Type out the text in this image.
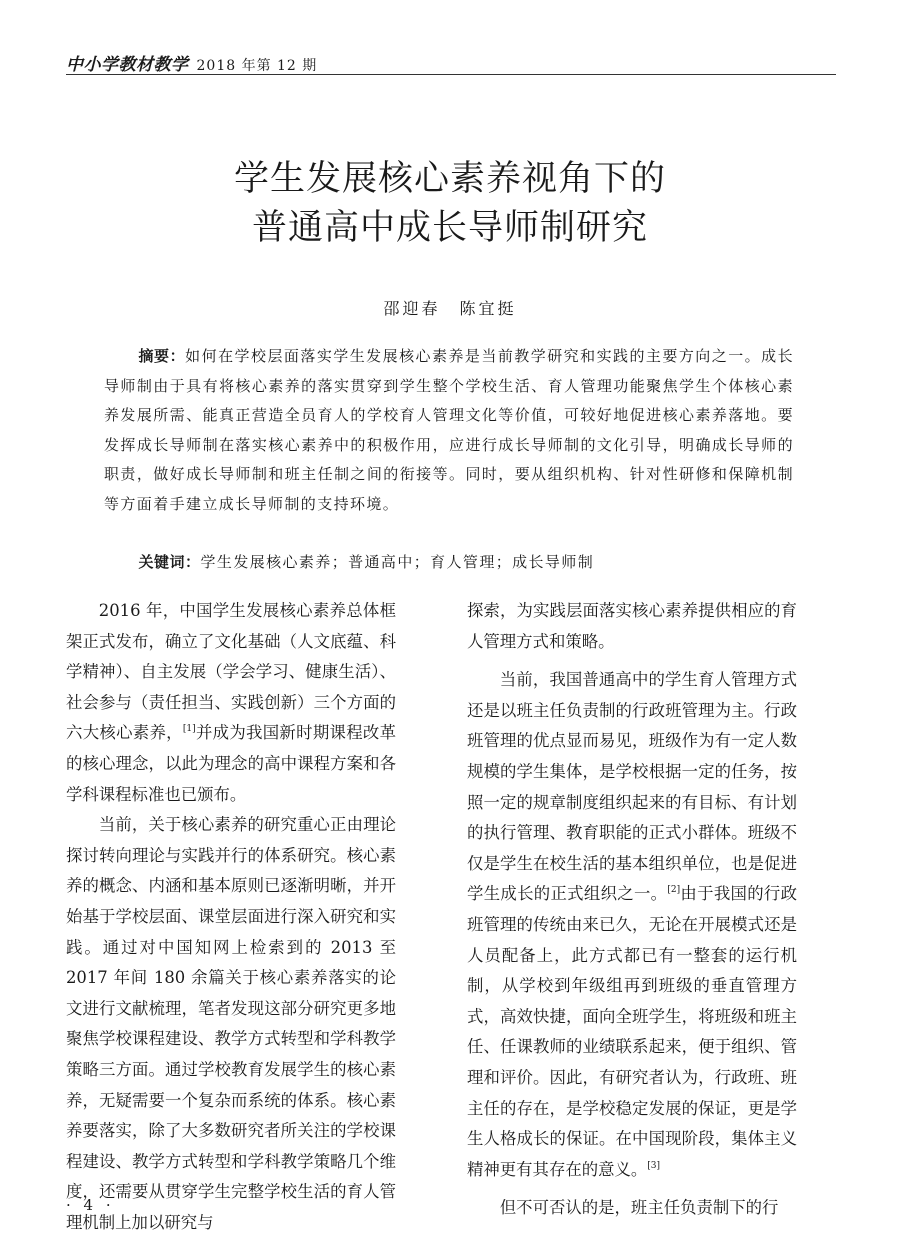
中小学教材教学 2018 年第 12 期
学生发展核心素养视角下的
普通高中成长导师制研究
邵迎春　陈宜挺

摘要：如何在学校层面落实学生发展核心素养是当前教学研究和实践的主要方向之一。成长导师制由于具有将核心素养的落实贯穿到学生整个学校生活、育人管理功能聚焦学生个体核心素养发展所需、能真正营造全员育人的学校育人管理文化等价值，可较好地促进核心素养落地。要发挥成长导师制在落实核心素养中的积极作用，应进行成长导师制的文化引导，明确成长导师的职责，做好成长导师制和班主任制之间的衔接等。同时，要从组织机构、针对性研修和保障机制等方面着手建立成长导师制的支持环境。

关键词：学生发展核心素养；普通高中；育人管理；成长导师制

2016 年，中国学生发展核心素养总体框架正式发布，确立了文化基础（人文底蕴、科学精神）、自主发展（学会学习、健康生活）、社会参与（责任担当、实践创新）三个方面的六大核心素养，[1]并成为我国新时期课程改革的核心理念，以此为理念的高中课程方案和各学科课程标准也已颁布。

当前，关于核心素养的研究重心正由理论探讨转向理论与实践并行的体系研究。核心素养的概念、内涵和基本原则已逐渐明晰，并开始基于学校层面、课堂层面进行深入研究和实践。通过对中国知网上检索到的 2013 至 2017 年间 180 余篇关于核心素养落实的论文进行文献梳理，笔者发现这部分研究更多地聚焦学校课程建设、教学方式转型和学科教学策略三方面。通过学校教育发展学生的核心素养，无疑需要一个复杂而系统的体系。核心素养要落实，除了大多数研究者所关注的学校课程建设、教学方式转型和学科教学策略几个维度，还需要从贯穿学生完整学校生活的育人管理机制上加以研究与

探索，为实践层面落实核心素养提供相应的育人管理方式和策略。

当前，我国普通高中的学生育人管理方式还是以班主任负责制的行政班管理为主。行政班管理的优点显而易见，班级作为有一定人数规模的学生集体，是学校根据一定的任务，按照一定的规章制度组织起来的有目标、有计划的执行管理、教育职能的正式小群体。班级不仅是学生在校生活的基本组织单位，也是促进学生成长的正式组织之一。[2]由于我国的行政班管理的传统由来已久，无论在开展模式还是人员配备上，此方式都已有一整套的运行机制，从学校到年级组再到班级的垂直管理方式，高效快捷，面向全班学生，将班级和班主任、任课教师的业绩联系起来，便于组织、管理和评价。因此，有研究者认为，行政班、班主任的存在，是学校稳定发展的保证，更是学生人格成长的保证。在中国现阶段，集体主义精神更有其存在的意义。[3]

但不可否认的是，班主任负责制下的行

· 4 ·
